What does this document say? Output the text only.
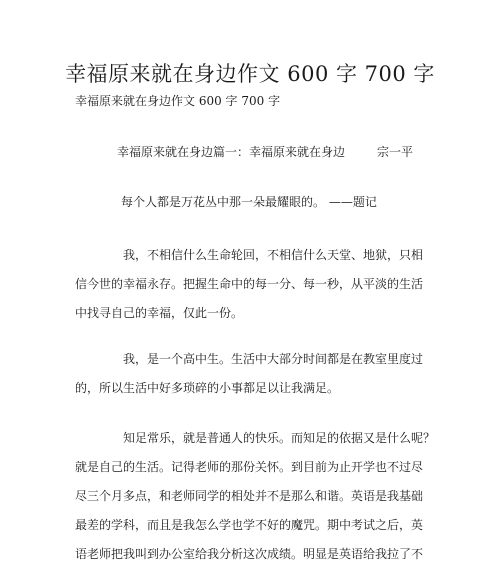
幸福原来就在身边作文 600 字 700 字
幸福原来就在身边作文 600 字 700 字
幸福原来就在身边篇一：幸福原来就在身边	宗一平
每个人都是万花丛中那一朵最耀眼的。 ——题记
我，不相信什么生命轮回，不相信什么天堂、地狱，只相
信今世的幸福永存。把握生命中的每一分、每一秒，从平淡的生活
中找寻自己的幸福，仅此一份。
我，是一个高中生。生活中大部分时间都是在教室里度过
的，所以生活中好多琐碎的小事都足以让我满足。
知足常乐，就是普通人的快乐。而知足的依据又是什么呢？
就是自己的生活。记得老师的那份关怀。到目前为止开学也不过尽
尽三个月多点，和老师同学的相处并不是那么和谐。英语是我基础
最差的学科，而且是我怎么学也学不好的魔咒。期中考试之后，英
语老师把我叫到办公室给我分析这次成绩。明显是英语给我拉了不
